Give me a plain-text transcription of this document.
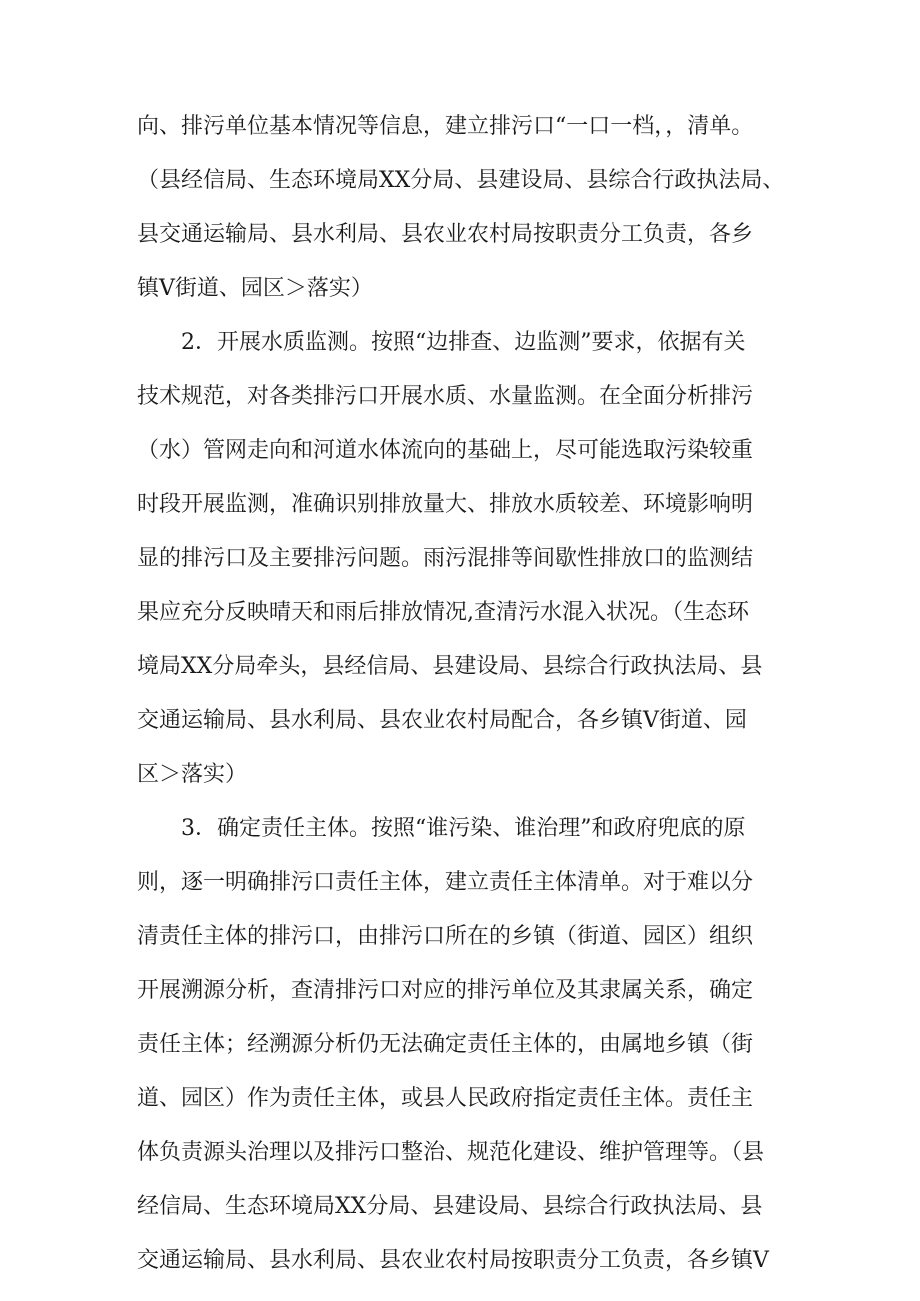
向、排污单位基本情况等信息，建立排污口“一口一档，，清单。
（县经信局、生态环境局XX分局、县建设局、县综合行政执法局、
县交通运输局、县水利局、县农业农村局按职责分工负责，各乡
镇V街道、园区＞落实）
2．开展水质监测。按照“边排查、边监测”要求，依据有关
技术规范，对各类排污口开展水质、水量监测。在全面分析排污
（水）管网走向和河道水体流向的基础上，尽可能选取污染较重
时段开展监测，准确识别排放量大、排放水质较差、环境影响明
显的排污口及主要排污问题。雨污混排等间歇性排放口的监测结
果应充分反映晴天和雨后排放情况,查清污水混入状况。（生态环
境局XX分局牵头，县经信局、县建设局、县综合行政执法局、县
交通运输局、县水利局、县农业农村局配合，各乡镇V街道、园
区＞落实）
3．确定责任主体。按照“谁污染、谁治理”和政府兜底的原
则，逐一明确排污口责任主体，建立责任主体清单。对于难以分
清责任主体的排污口，由排污口所在的乡镇（街道、园区）组织
开展溯源分析，查清排污口对应的排污单位及其隶属关系，确定
责任主体；经溯源分析仍无法确定责任主体的，由属地乡镇（街
道、园区）作为责任主体，或县人民政府指定责任主体。责任主
体负责源头治理以及排污口整治、规范化建设、维护管理等。（县
经信局、生态环境局XX分局、县建设局、县综合行政执法局、县
交通运输局、县水利局、县农业农村局按职责分工负责，各乡镇V
